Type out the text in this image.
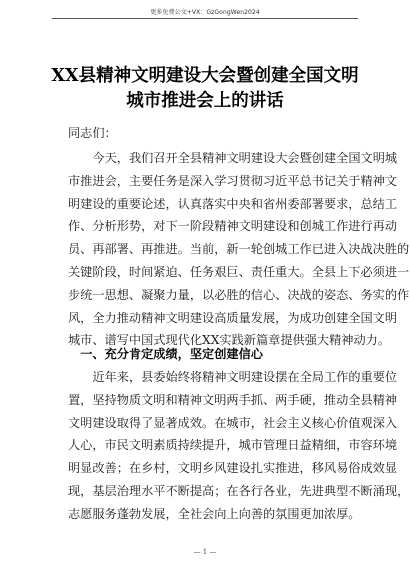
更多免费公文+VX：GzGongWen2024
XX县精神文明建设大会暨创建全国文明
城市推进会上的讲话
同志们：
今天，我们召开全县精神文明建设大会暨创建全国文明城
市推进会，主要任务是深入学习贯彻习近平总书记关于精神文
明建设的重要论述，认真落实中央和省州委部署要求，总结工
作、分析形势，对下一阶段精神文明建设和创城工作进行再动
员、再部署、再推进。当前，新一轮创城工作已进入决战决胜的
关键阶段，时间紧迫、任务艰巨、责任重大。全县上下必须进一
步统一思想、凝聚力量，以必胜的信心、决战的姿态、务实的作
风，全力推动精神文明建设高质量发展，为成功创建全国文明
城市、谱写中国式现代化XX实践新篇章提供强大精神动力。
一、充分肯定成绩，坚定创建信心
近年来，县委始终将精神文明建设摆在全局工作的重要位
置，坚持物质文明和精神文明两手抓、两手硬，推动全县精神
文明建设取得了显著成效。在城市，社会主义核心价值观深入
人心，市民文明素质持续提升，城市管理日益精细，市容环境
明显改善；在乡村，文明乡风建设扎实推进，移风易俗成效显
现，基层治理水平不断提高；在各行各业，先进典型不断涌现，
志愿服务蓬勃发展，全社会向上向善的氛围更加浓厚。
— 1 —
